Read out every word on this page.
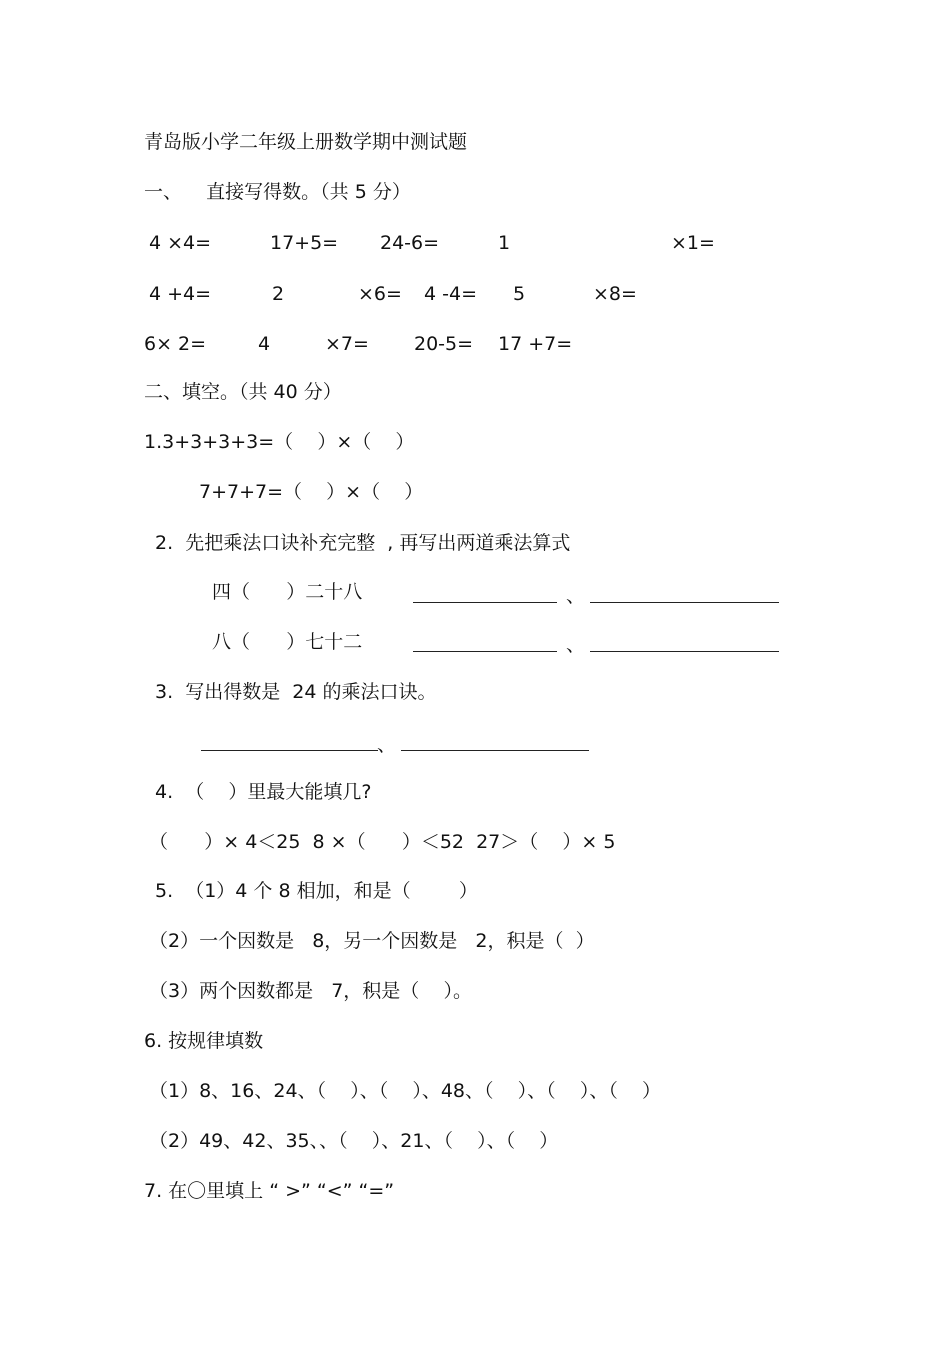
青岛版小学二年级上册数学期中测试题
一、    直接写得数。（共 5 分）
4 ×4=	17+5= 24-6=	1	×1=
4 +4=	2	×6= 4 -4= 5	×8=
6× 2=	4	×7= 20-5= 17 +7=
二、填空。（共 40 分）
1.3+3+3+3=（    ）×（    ）
7+7+7=（    ）×（    ）
2.  先把乘法口诀补充完整  , 再写出两道乘法算式
四（      ）二十八	、
八（      ）七十二	、
3.  写出得数是  24 的乘法口诀。
、
4.  （    ）里最大能填几?
（      ）× 4＜25  8 ×（      ）＜52  27＞（    ）× 5
5.  （1）4 个 8 相加，和是（        ）
（2）一个因数是   8，另一个因数是   2，积是（  ）
（3）两个因数都是   7，积是（    ）。
6. 按规律填数
（1）8、16、24、（    ）、（    ）、48、（    ）、（    ）、（    ）
（2）49、42、35、、（    ）、21、（    ）、（    ）
7. 在〇里填上 “ >” “<” “=”
